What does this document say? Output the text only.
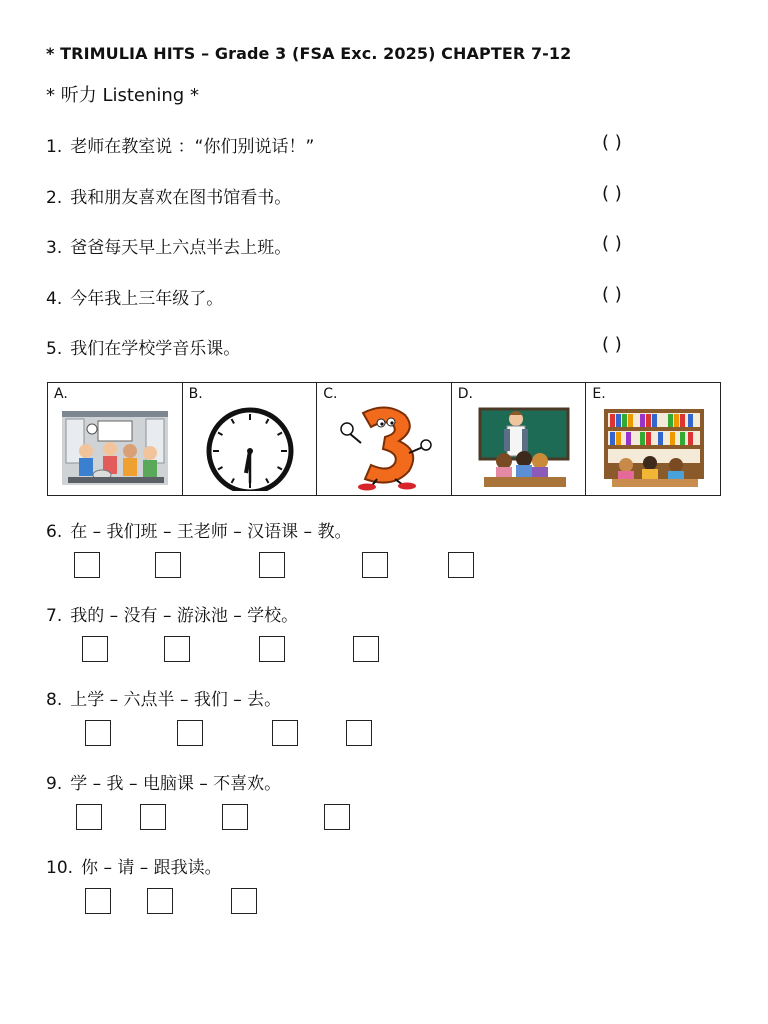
* TRIMULIA HITS – Grade 3 (FSA Exc. 2025) CHAPTER 7-12
* 听力 Listening *
1. 老师在教室说 ：“你们别说话！”	( )
2. 我和朋友喜欢在图书馆看书。	( )
3. 爸爸每天早上六点半去上班。	( )
4. 今年我上三年级了。	( )
5. 我们在学校学音乐课。	( )
A.	B.	C.	D.	E.
6. 在 – 我们班 – 王老师 – 汉语课 – 教。
7. 我的 – 没有 – 游泳池 – 学校。
8. 上学 – 六点半 – 我们 – 去。
9. 学 – 我 – 电脑课 – 不喜欢。
10. 你 – 请 – 跟我读。
